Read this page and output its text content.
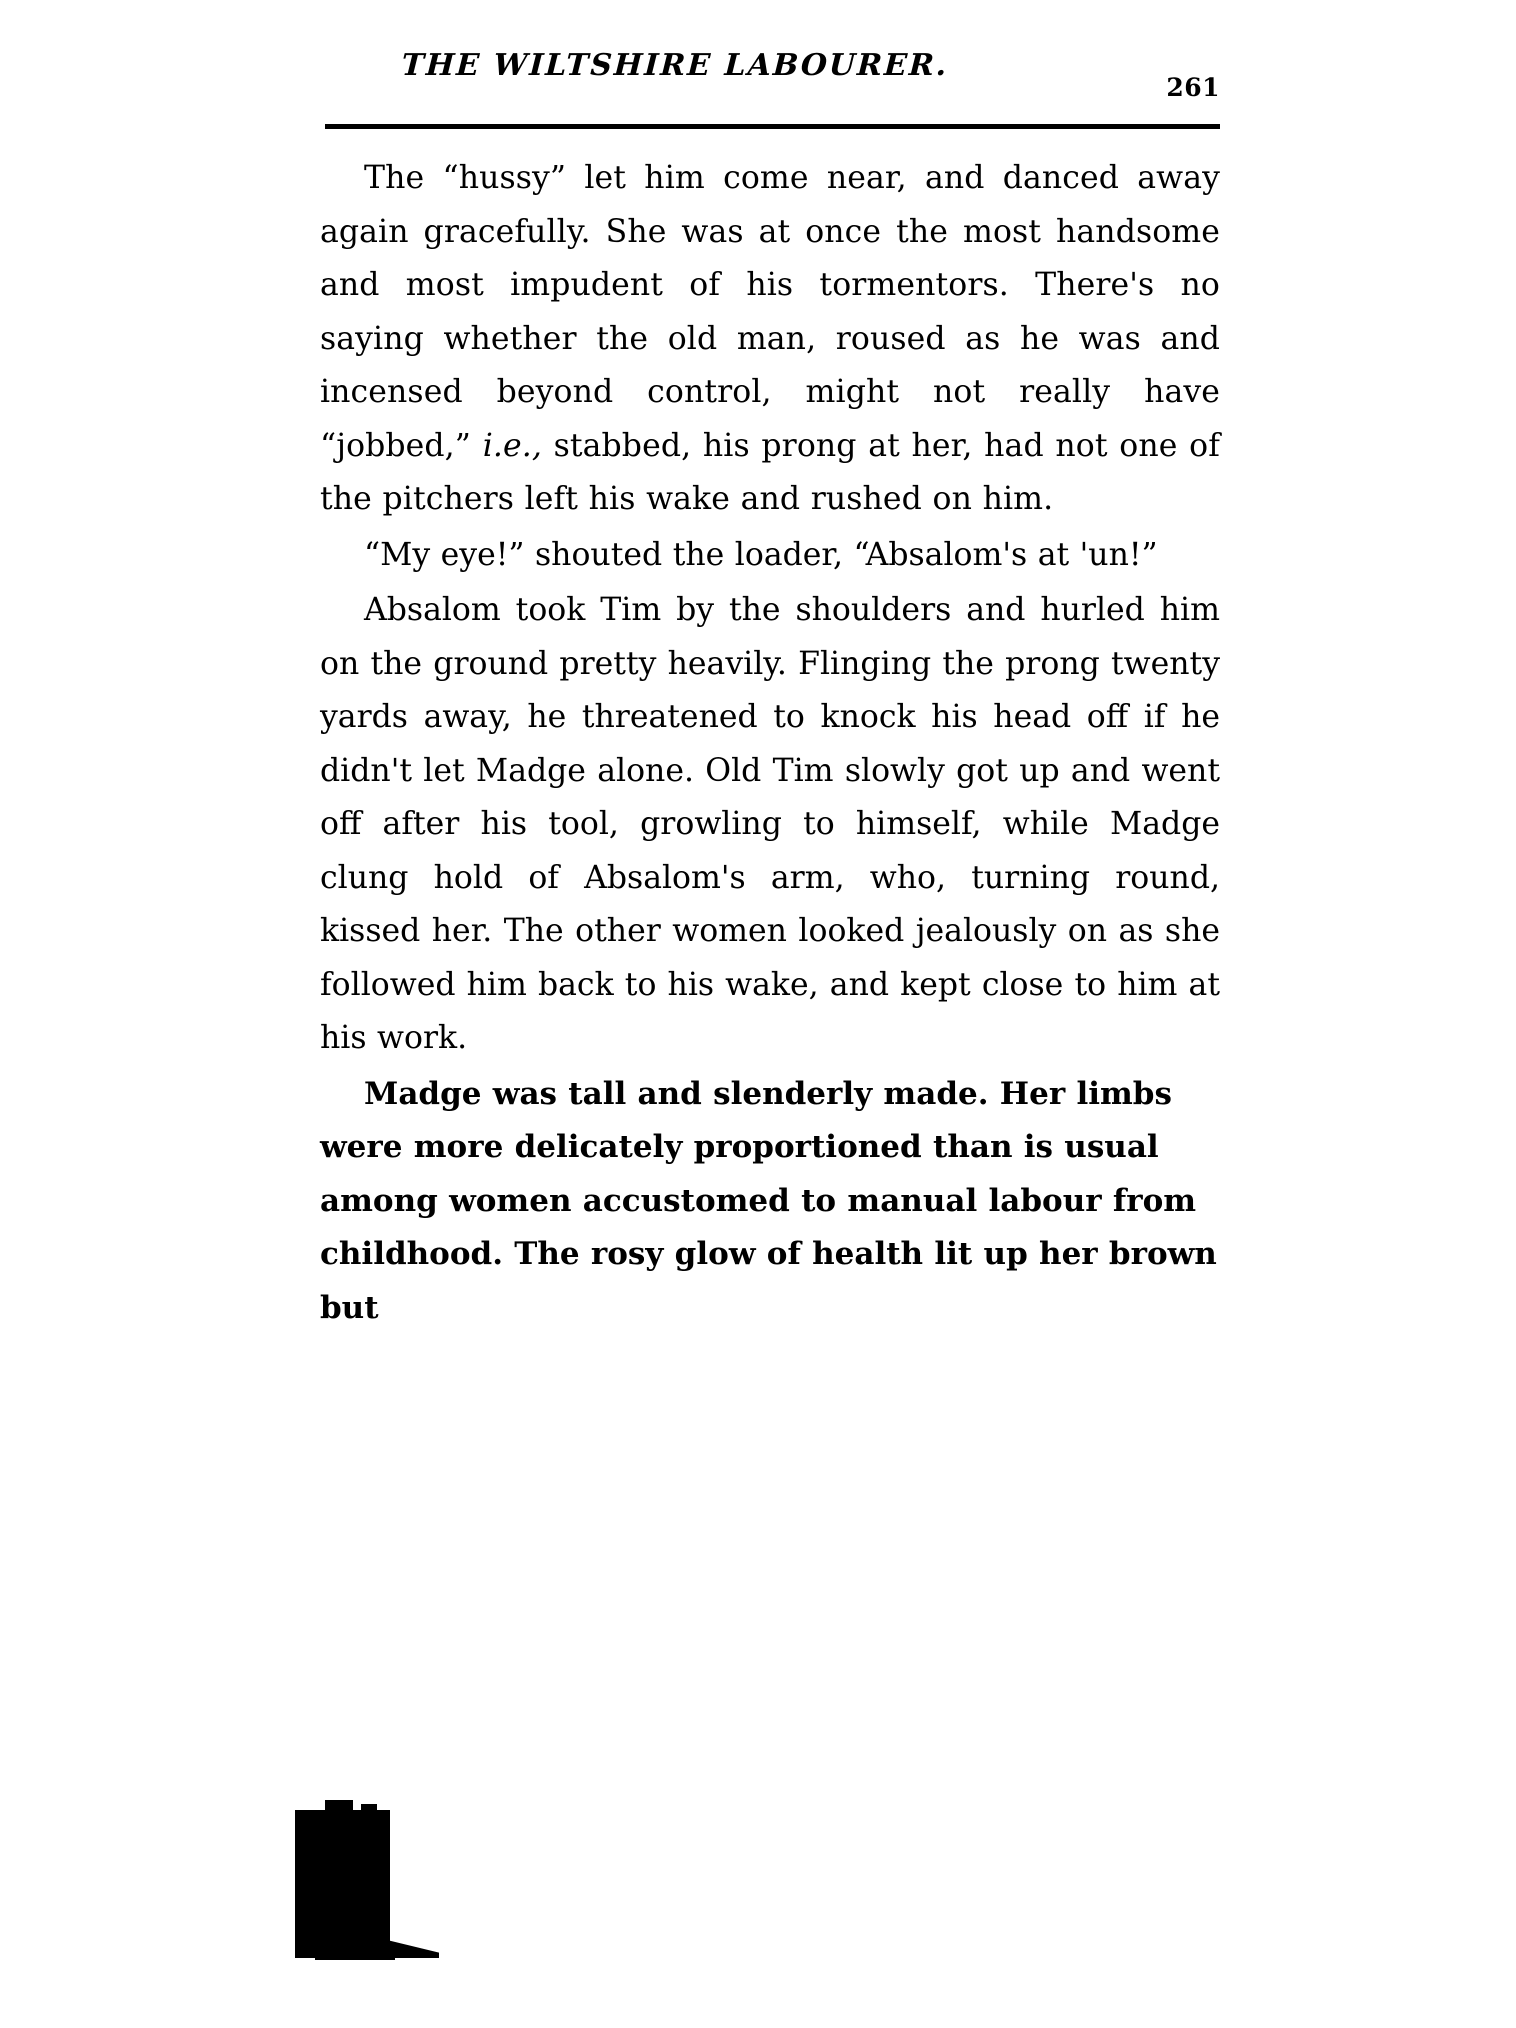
THE WILTSHIRE LABOURER.
261

The “hussy” let him come near, and danced away again gracefully. She was at once the most handsome and most impudent of his tormentors. There's no saying whether the old man, roused as he was and incensed beyond control, might not really have “jobbed,” i.e., stabbed, his prong at her, had not one of the pitchers left his wake and rushed on him.

“My eye!” shouted the loader, “Absalom's at 'un!”

Absalom took Tim by the shoulders and hurled him on the ground pretty heavily. Flinging the prong twenty yards away, he threatened to knock his head off if he didn't let Madge alone. Old Tim slowly got up and went off after his tool, growling to himself, while Madge clung hold of Absalom's arm, who, turning round, kissed her. The other women looked jealously on as she followed him back to his wake, and kept close to him at his work.

Madge was tall and slenderly made. Her limbs were more delicately proportioned than is usual among women accustomed to manual labour from childhood. The rosy glow of health lit up her brown but
